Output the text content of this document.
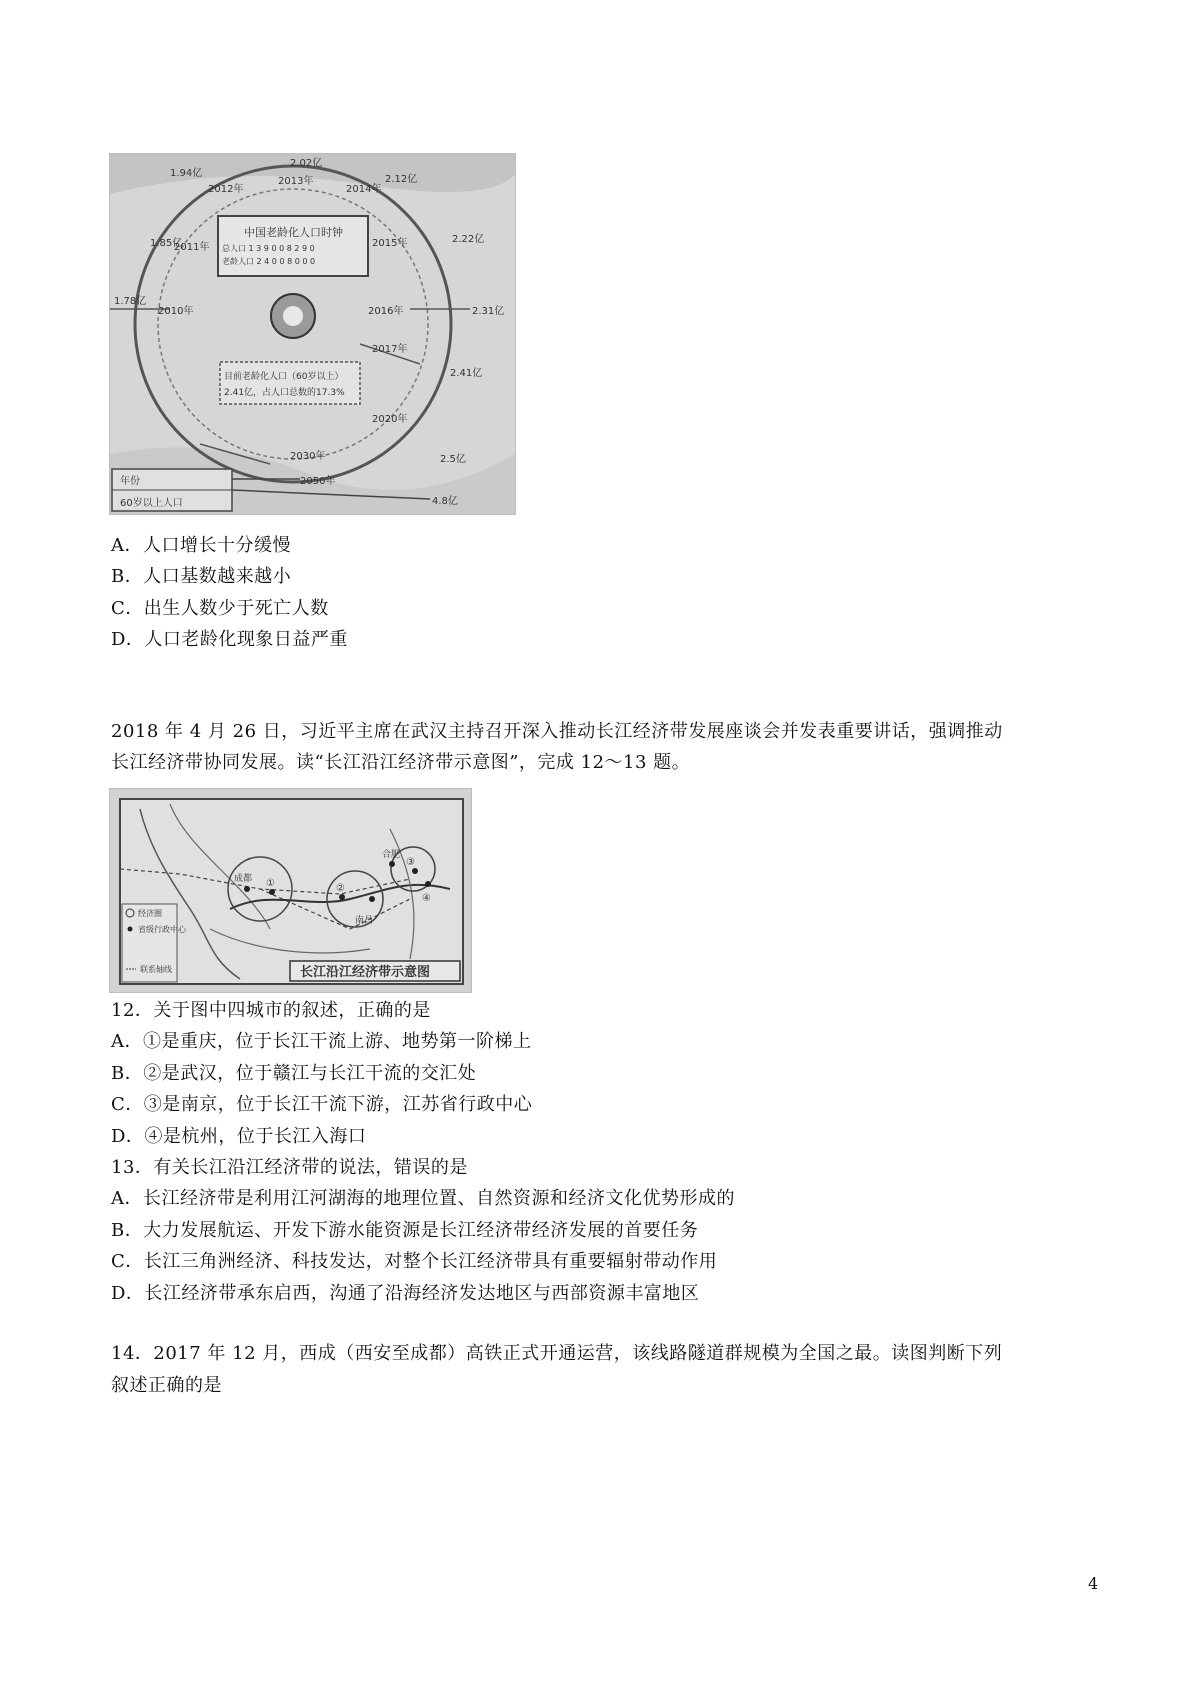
中国老龄化人口时钟
总人口 1 3 9 0 0 8 2 9 0
老龄人口 2 4 0 0 8 0 0 0
目前老龄化人口（60岁以上）
2.41亿，占人口总数的17.3%
年份
60岁以上人口
2012年
2013年
2014年
2015年
2016年
2017年
2020年
2030年
2050年
2010年
2011年
1.94亿
2.02亿
2.12亿
2.22亿
1.85亿
2.31亿
1.78亿
2.41亿
2.5亿
4.8亿
A．人口增长十分缓慢
B．人口基数越来越小
C．出生人数少于死亡人数
D．人口老龄化现象日益严重
2018 年 4 月 26 日，习近平主席在武汉主持召开深入推动长江经济带发展座谈会并发表重要讲话，强调推动
长江经济带协同发展。读“长江沿江经济带示意图”，完成 12～13 题。
长江沿江经济带示意图
成都
合肥
南昌
①	②
③
④
经济圈
省级行政中心
联系轴线
12．关于图中四城市的叙述，正确的是
A．①是重庆，位于长江干流上游、地势第一阶梯上
B．②是武汉，位于赣江与长江干流的交汇处
C．③是南京，位于长江干流下游，江苏省行政中心
D．④是杭州，位于长江入海口
13．有关长江沿江经济带的说法，错误的是
A．长江经济带是利用江河湖海的地理位置、自然资源和经济文化优势形成的
B．大力发展航运、开发下游水能资源是长江经济带经济发展的首要任务
C．长江三角洲经济、科技发达，对整个长江经济带具有重要辐射带动作用
D．长江经济带承东启西，沟通了沿海经济发达地区与西部资源丰富地区
14．2017 年 12 月，西成（西安至成都）高铁正式开通运营，该线路隧道群规模为全国之最。读图判断下列
叙述正确的是
4
